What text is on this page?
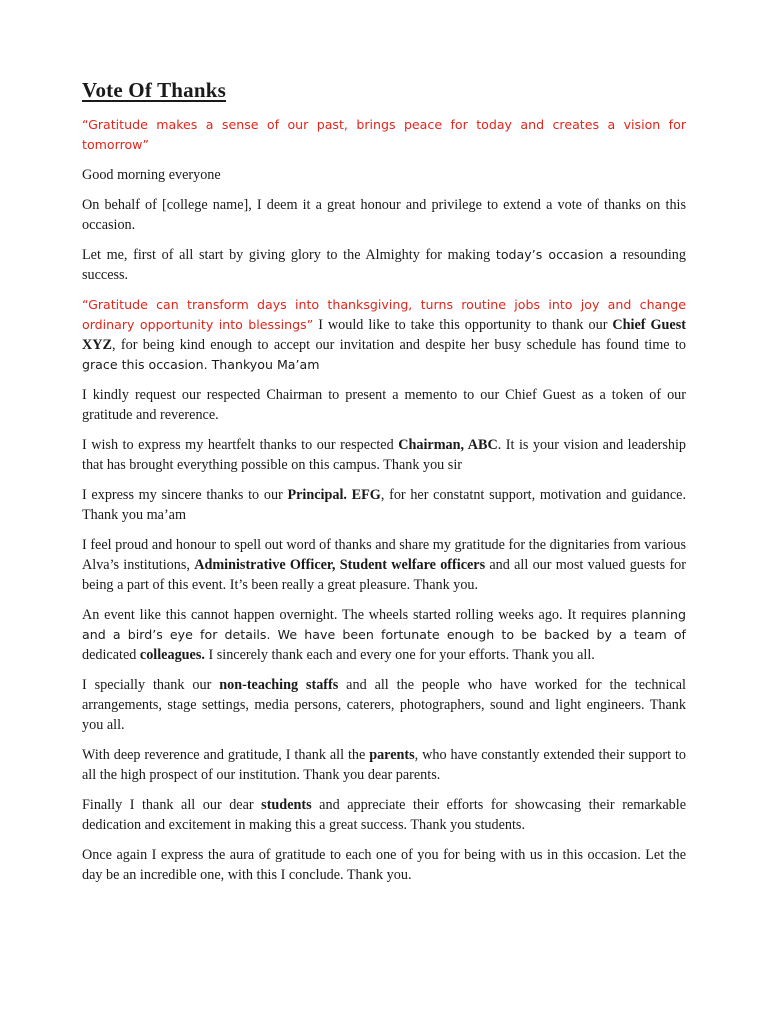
Vote Of Thanks

“Gratitude makes a sense of our past, brings peace for today and creates a vision for tomorrow”

Good morning everyone

On behalf of [college name], I deem it a great honour and privilege to extend a vote of thanks on this occasion.

Let me, first of all start by giving glory to the Almighty for making today’s occasion a resounding success.

“Gratitude can transform days into thanksgiving, turns routine jobs into joy and change ordinary opportunity into blessings” I would like to take this opportunity to thank our Chief Guest XYZ, for being kind enough to accept our invitation and despite her busy schedule has found time to grace this occasion. Thankyou Ma’am

I kindly request our respected Chairman to present a memento to our Chief Guest as a token of our gratitude and reverence.

I wish to express my heartfelt thanks to our respected Chairman, ABC. It is your vision and leadership that has brought everything possible on this campus. Thank you sir

I express my sincere thanks to our Principal. EFG, for her constatnt support, motivation and guidance. Thank you ma’am

I feel proud and honour to spell out word of thanks and share my gratitude for the dignitaries from various Alva’s institutions, Administrative Officer, Student welfare officers and all our most valued guests for being a part of this event. It’s been really a great pleasure. Thank you.

An event like this cannot happen overnight. The wheels started rolling weeks ago. It requires planning and a bird’s eye for details. We have been fortunate enough to be backed by a team of dedicated colleagues. I sincerely thank each and every one for your efforts. Thank you all.

I specially thank our non-teaching staffs and all the people who have worked for the technical arrangements, stage settings, media persons, caterers, photographers, sound and light engineers. Thank you all.

With deep reverence and gratitude, I thank all the parents, who have constantly extended their support to all the high prospect of our institution. Thank you dear parents.

Finally I thank all our dear students and appreciate their efforts for showcasing their remarkable dedication and excitement in making this a great success. Thank you students.

Once again I express the aura of gratitude to each one of you for being with us in this occasion. Let the day be an incredible one, with this I conclude. Thank you.
